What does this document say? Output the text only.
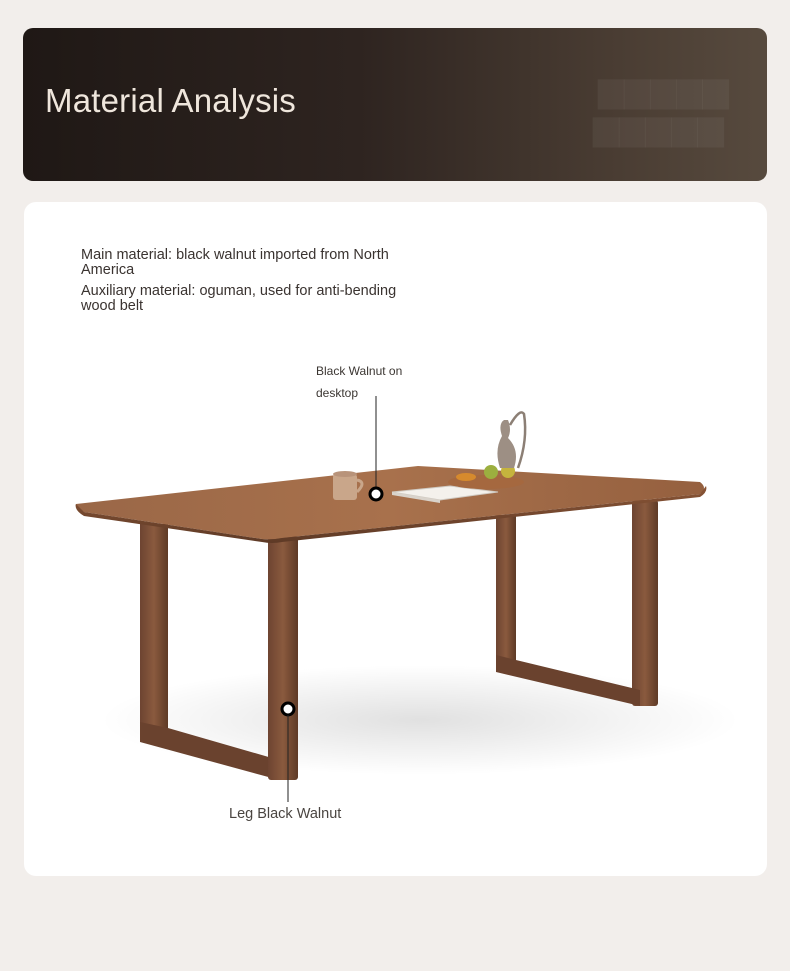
▆▆▆▆▆
▆▆▆▆▆
Material Analysis
Main material: black walnut imported from North America
Auxiliary material: oguman, used for anti-bending wood belt
Black Walnut on desktop
Leg Black Walnut
